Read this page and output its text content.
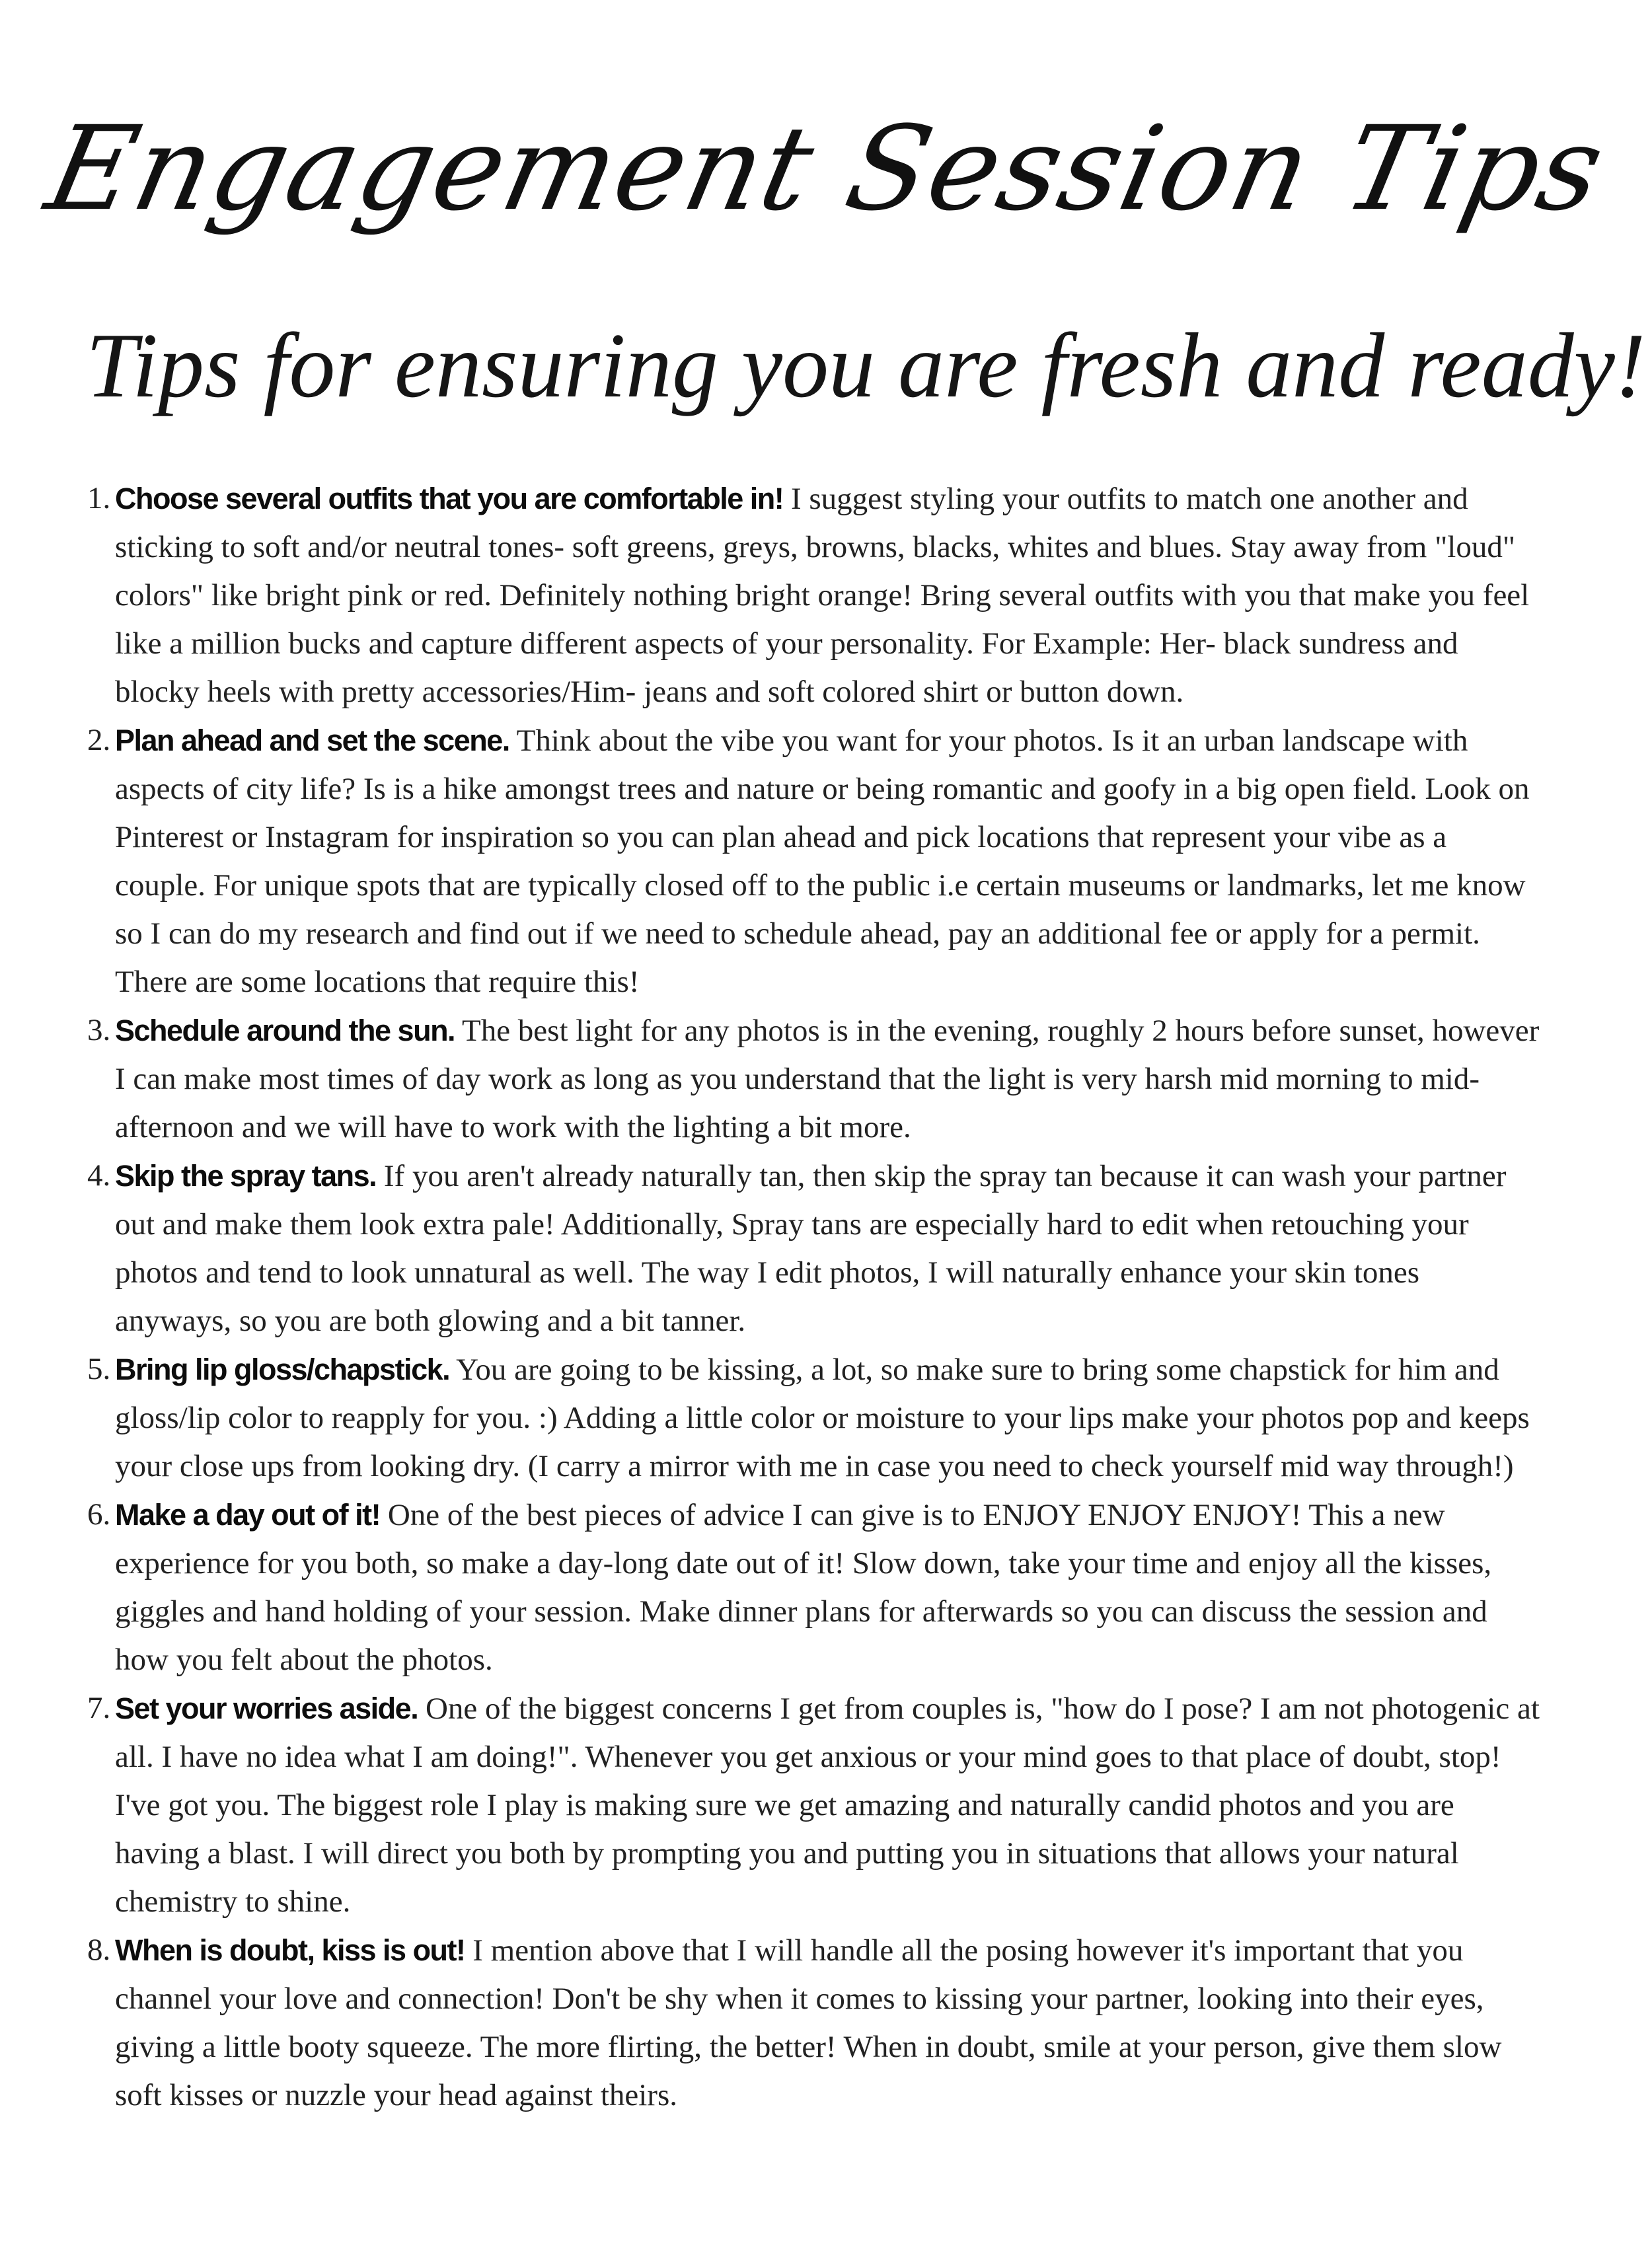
Engagement Session Tips
Tips for ensuring you are fresh and ready!
1. Choose several outfits that you are comfortable in! I suggest styling your outfits to match one another and sticking to soft and/or neutral tones- soft greens, greys, browns, blacks, whites and blues. Stay away from "loud" colors" like bright pink or red. Definitely nothing bright orange! Bring several outfits with you that make you feel like a million bucks and capture different aspects of your personality. For Example: Her- black sundress and blocky heels with pretty accessories/Him- jeans and soft colored shirt or button down.
2. Plan ahead and set the scene. Think about the vibe you want for your photos. Is it an urban landscape with aspects of city life? Is is a hike amongst trees and nature or being romantic and goofy in a big open field. Look on Pinterest or Instagram for inspiration so you can plan ahead and pick locations that represent your vibe as a couple. For unique spots that are typically closed off to the public i.e certain museums or landmarks, let me know so I can do my research and find out if we need to schedule ahead, pay an additional fee or apply for a permit. There are some locations that require this!
3. Schedule around the sun. The best light for any photos is in the evening, roughly 2 hours before sunset, however I can make most times of day work as long as you understand that the light is very harsh mid morning to mid- afternoon and we will have to work with the lighting a bit more.
4. Skip the spray tans. If you aren't already naturally tan, then skip the spray tan because it can wash your partner out and make them look extra pale! Additionally, Spray tans are especially hard to edit when retouching your photos and tend to look unnatural as well. The way I edit photos, I will naturally enhance your skin tones anyways, so you are both glowing and a bit tanner.
5. Bring lip gloss/chapstick. You are going to be kissing, a lot, so make sure to bring some chapstick for him and gloss/lip color to reapply for you. :) Adding a little color or moisture to your lips make your photos pop and keeps your close ups from looking dry. (I carry a mirror with me in case you need to check yourself mid way through!)
6. Make a day out of it! One of the best pieces of advice I can give is to ENJOY ENJOY ENJOY! This a new experience for you both, so make a day-long date out of it! Slow down, take your time and enjoy all the kisses, giggles and hand holding of your session. Make dinner plans for afterwards so you can discuss the session and how you felt about the photos.
7. Set your worries aside. One of the biggest concerns I get from couples is, "how do I pose? I am not photogenic at all. I have no idea what I am doing!". Whenever you get anxious or your mind goes to that place of doubt, stop! I've got you. The biggest role I play is making sure we get amazing and naturally candid photos and you are having a blast. I will direct you both by prompting you and putting you in situations that allows your natural chemistry to shine.
8. When is doubt, kiss is out! I mention above that I will handle all the posing however it's important that you channel your love and connection! Don't be shy when it comes to kissing your partner, looking into their eyes, giving a little booty squeeze. The more flirting, the better! When in doubt, smile at your person, give them slow soft kisses or nuzzle your head against theirs.
